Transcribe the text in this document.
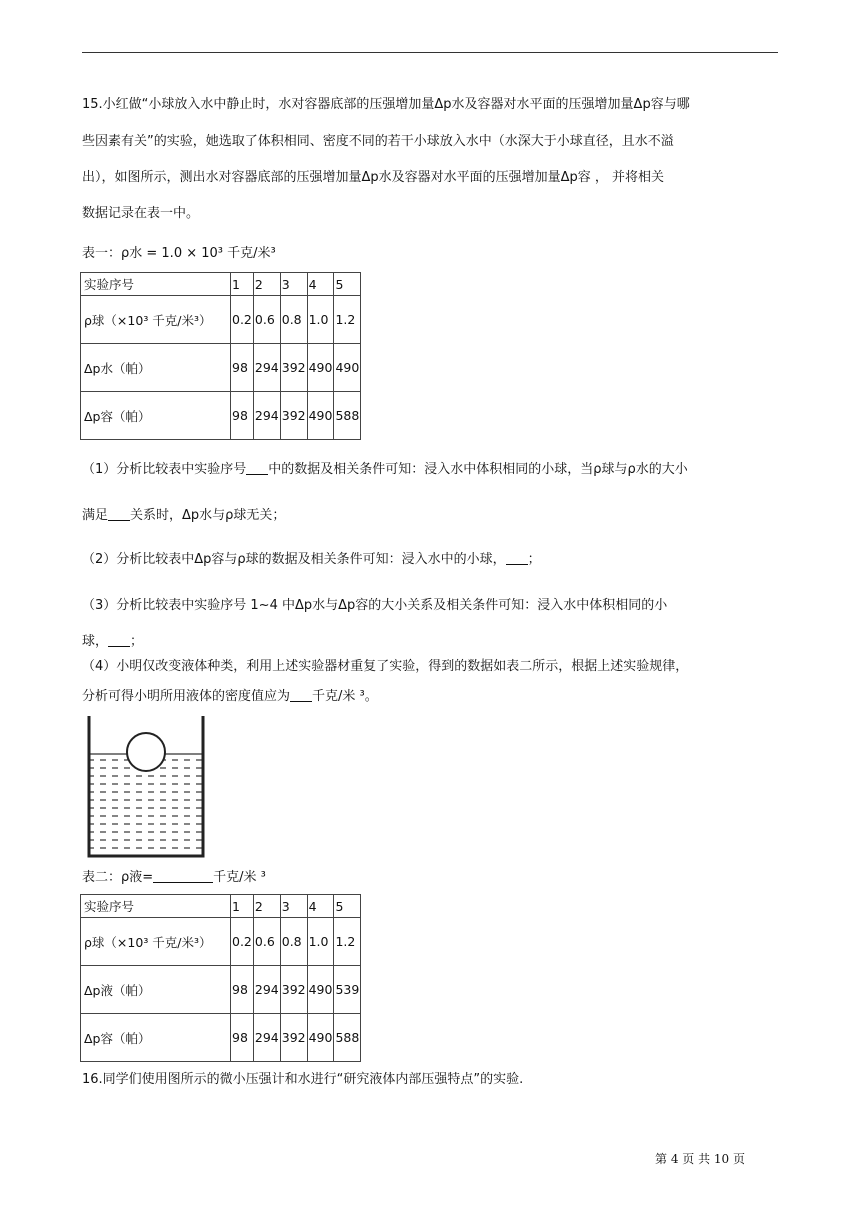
15.小红做“小球放入水中静止时，水对容器底部的压强增加量Δp水及容器对水平面的压强增加量Δp容与哪
些因素有关”的实验，她选取了体积相同、密度不同的若干小球放入水中（水深大于小球直径，且水不溢
出），如图所示，测出水对容器底部的压强增加量Δp水及容器对水平面的压强增加量Δp容 ， 并将相关
数据记录在表一中。
表一：ρ水 = 1.0 × 10³ 千克/米³
实验序号	1	2	3	4	5
ρ球（×10³ 千克/米³）	0.2	0.6	0.8	1.0	1.2
Δp水（帕）	98	294	392	490	490
Δp容（帕）	98	294	392	490	588
（1）分析比较表中实验序号 中的数据及相关条件可知：浸入水中体积相同的小球，当ρ球与ρ水的大小
满足 关系时，Δp水与ρ球无关；
（2）分析比较表中Δp容与ρ球的数据及相关条件可知：浸入水中的小球， ；
（3）分析比较表中实验序号 1~4 中Δp水与Δp容的大小关系及相关条件可知：浸入水中体积相同的小
球， ；
（4）小明仅改变液体种类，利用上述实验器材重复了实验，得到的数据如表二所示，根据上述实验规律，
分析可得小明所用液体的密度值应为 千克/米 ³。
表二：ρ液=	千克/米 ³
实验序号	1	2	3	4	5
ρ球（×10³ 千克/米³）	0.2	0.6	0.8	1.0	1.2
Δp液（帕）	98	294	392	490	539
Δp容（帕）	98	294	392	490	588
16.同学们使用图所示的微小压强计和水进行“研究液体内部压强特点”的实验.
第 4 页 共 10 页
